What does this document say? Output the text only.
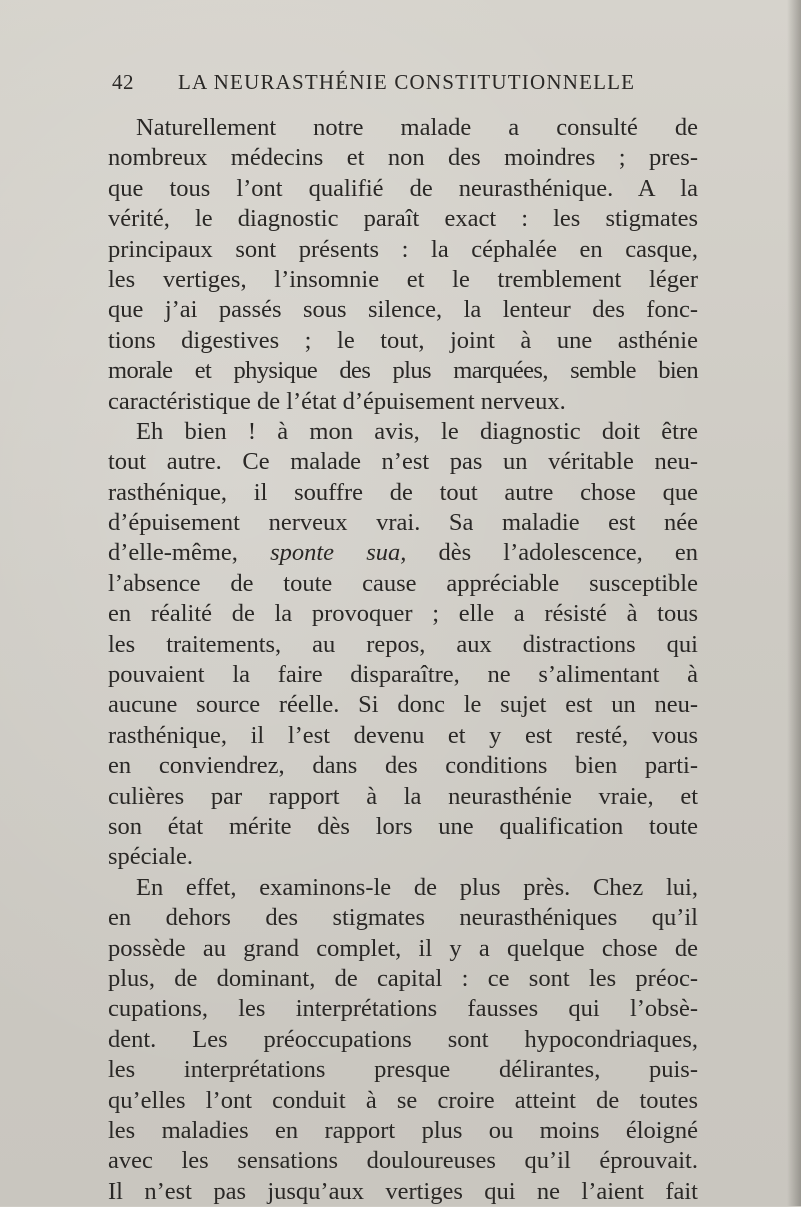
42 LA NEURASTHÉNIE CONSTITUTIONNELLE
Naturellement notre malade a consulté de
nombreux médecins et non des moindres ; pres-
que tous l’ont qualifié de neurasthénique. A la
vérité, le diagnostic paraît exact : les stigmates
principaux sont présents : la céphalée en casque,
les vertiges, l’insomnie et le tremblement léger
que j’ai passés sous silence, la lenteur des fonc-
tions digestives ; le tout, joint à une asthénie
morale et physique des plus marquées, semble bien
caractéristique de l’état d’épuisement nerveux.
Eh bien ! à mon avis, le diagnostic doit être
tout autre. Ce malade n’est pas un véritable neu-
rasthénique, il souffre de tout autre chose que
d’épuisement nerveux vrai. Sa maladie est née
d’elle-même, sponte sua, dès l’adolescence, en
l’absence de toute cause appréciable susceptible
en réalité de la provoquer ; elle a résisté à tous
les traitements, au repos, aux distractions qui
pouvaient la faire disparaître, ne s’alimentant à
aucune source réelle. Si donc le sujet est un neu-
rasthénique, il l’est devenu et y est resté, vous
en conviendrez, dans des conditions bien parti-
culières par rapport à la neurasthénie vraie, et
son état mérite dès lors une qualification toute
spéciale.
En effet, examinons-le de plus près. Chez lui,
en dehors des stigmates neurasthéniques qu’il
possède au grand complet, il y a quelque chose de
plus, de dominant, de capital : ce sont les préoc-
cupations, les interprétations fausses qui l’obsè-
dent. Les préoccupations sont hypocondriaques,
les interprétations presque délirantes, puis-
qu’elles l’ont conduit à se croire atteint de toutes
les maladies en rapport plus ou moins éloigné
avec les sensations douloureuses qu’il éprouvait.
Il n’est pas jusqu’aux vertiges qui ne l’aient fait
